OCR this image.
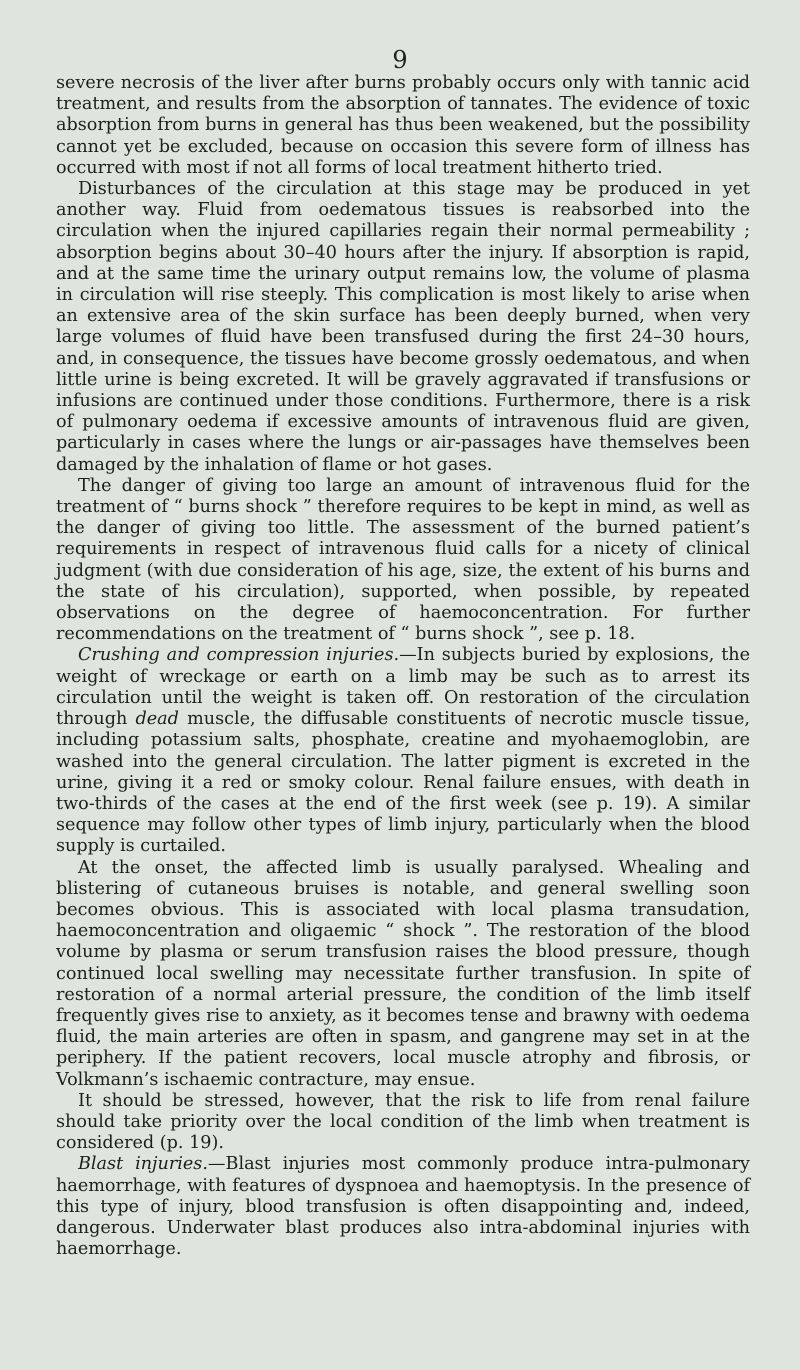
9

severe necrosis of the liver after burns probably occurs only with tannic acid treatment, and results from the absorption of tannates. The evidence of toxic absorption from burns in general has thus been weakened, but the possibility cannot yet be excluded, because on occasion this severe form of illness has occurred with most if not all forms of local treatment hitherto tried.

Disturbances of the circulation at this stage may be produced in yet another way. Fluid from oedematous tissues is reabsorbed into the circulation when the injured capillaries regain their normal permeability ; absorption begins about 30–40 hours after the injury. If absorption is rapid, and at the same time the urinary output remains low, the volume of plasma in circulation will rise steeply. This complication is most likely to arise when an extensive area of the skin surface has been deeply burned, when very large volumes of fluid have been transfused during the first 24–30 hours, and, in consequence, the tissues have become grossly oedematous, and when little urine is being excreted. It will be gravely aggravated if transfusions or infusions are continued under those conditions. Furthermore, there is a risk of pulmonary oedema if excessive amounts of intravenous fluid are given, particularly in cases where the lungs or air-passages have themselves been damaged by the inhalation of flame or hot gases.

The danger of giving too large an amount of intravenous fluid for the treatment of “ burns shock ” therefore requires to be kept in mind, as well as the danger of giving too little. The assessment of the burned patient’s requirements in respect of intravenous fluid calls for a nicety of clinical judgment (with due consideration of his age, size, the extent of his burns and the state of his circulation), supported, when possible, by repeated observations on the degree of haemoconcentration. For further recommendations on the treatment of “ burns shock ”, see p. 18.

Crushing and compression injuries.—In subjects buried by explosions, the weight of wreckage or earth on a limb may be such as to arrest its circulation until the weight is taken off. On restoration of the circulation through dead muscle, the diffusable constituents of necrotic muscle tissue, including potassium salts, phosphate, creatine and myohaemoglobin, are washed into the general circulation. The latter pigment is excreted in the urine, giving it a red or smoky colour. Renal failure ensues, with death in two-thirds of the cases at the end of the first week (see p. 19). A similar sequence may follow other types of limb injury, particularly when the blood supply is curtailed.

At the onset, the affected limb is usually paralysed. Whealing and blistering of cutaneous bruises is notable, and general swelling soon becomes obvious. This is associated with local plasma transudation, haemoconcentration and oligaemic “ shock ”. The restoration of the blood volume by plasma or serum transfusion raises the blood pressure, though continued local swelling may necessitate further transfusion. In spite of restoration of a normal arterial pressure, the condition of the limb itself frequently gives rise to anxiety, as it becomes tense and brawny with oedema fluid, the main arteries are often in spasm, and gangrene may set in at the periphery. If the patient recovers, local muscle atrophy and fibrosis, or Volkmann’s ischaemic contracture, may ensue.

It should be stressed, however, that the risk to life from renal failure should take priority over the local condition of the limb when treatment is considered (p. 19).

Blast injuries.—Blast injuries most commonly produce intra-pulmonary haemorrhage, with features of dyspnoea and haemoptysis. In the presence of this type of injury, blood transfusion is often disappointing and, indeed, dangerous. Underwater blast produces also intra-abdominal injuries with haemorrhage.
